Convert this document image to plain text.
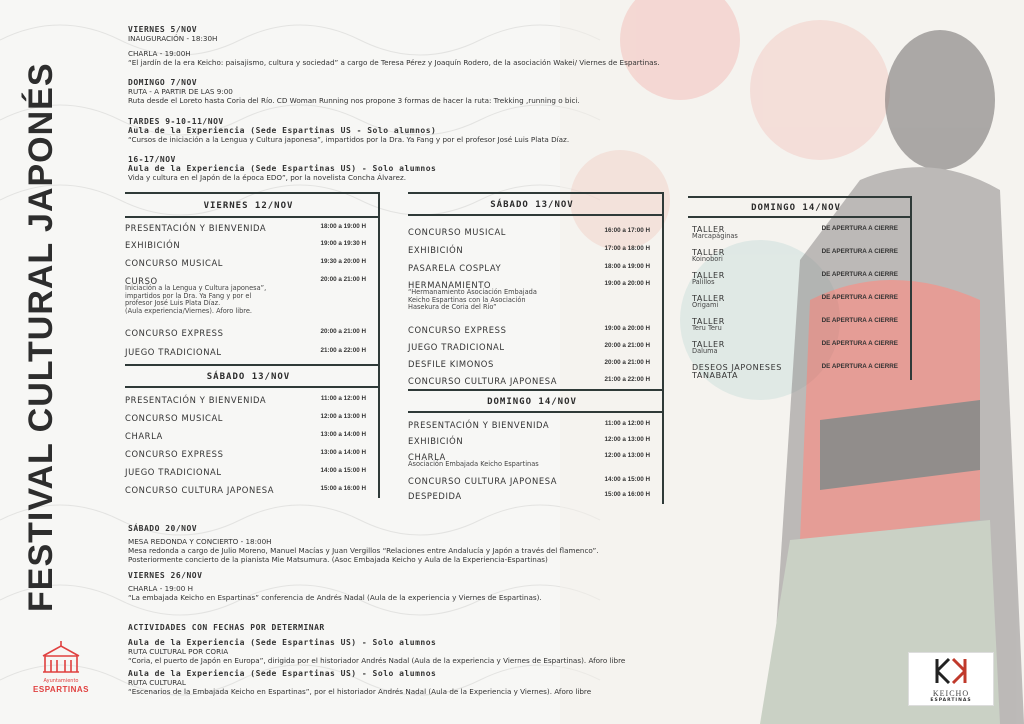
FESTIVAL CULTURAL JAPONÉS
VIERNES 5/NOV
INAUGURACIÓN - 18:30H
CHARLA - 19:00H
“El jardín de la era Keicho: paisajismo, cultura y sociedad” a cargo de Teresa Pérez y Joaquín Rodero, de la asociación Wakei/ Viernes de Espartinas.
DOMINGO 7/NOV
RUTA - A PARTIR DE LAS 9:00
Ruta desde el Loreto hasta Coria del Río. CD Woman Running nos propone 3 formas de hacer la ruta: Trekking ,running o bici.
TARDES 9-10-11/NOV
Aula de la Experiencia (Sede Espartinas US - Solo alumnos)
“Cursos de iniciación a la Lengua y Cultura japonesa”, impartidos por la Dra. Ya Fang y por el profesor José Luis Plata Díaz.
16-17/NOV
Aula de la Experiencia (Sede Espartinas US) - Solo alumnos
Vida y cultura en el Japón de la época EDO”, por la novelista Concha Álvarez.
VIERNES 12/NOV
PRESENTACIÓN Y BIENVENIDA	18:00 a 19:00 H
EXHIBICIÓN	19:00 a 19:30 H
CONCURSO MUSICAL	19:30 a 20:00 H
CURSO	20:00 a 21:00 H
Iniciación a la Lengua y Cultura japonesa”,
impartidos por la Dra. Ya Fang y por el
profesor José Luis Plata Díaz.
(Aula experiencia/Viernes). Aforo libre.
CONCURSO EXPRESS	20:00 a 21:00 H
JUEGO TRADICIONAL	21:00 a 22:00 H
SÁBADO 13/NOV
PRESENTACIÓN Y BIENVENIDA	11:00 a 12:00 H
CONCURSO MUSICAL	12:00 a 13:00 H
CHARLA	13:00 a 14:00 H
CONCURSO EXPRESS	13:00 a 14:00 H
JUEGO TRADICIONAL	14:00 a 15:00 H
CONCURSO CULTURA JAPONESA	15:00 a 16:00 H
SÁBADO 13/NOV
CONCURSO MUSICAL	16:00 a 17:00 H
EXHIBICIÓN	17:00 a 18:00 H
PASARELA COSPLAY	18:00 a 19:00 H
HERMANAMIENTO	19:00 a 20:00 H
“Hermanamiento Asociación Embajada
Keicho Espartinas con la Asociación
Hasekura de Coria del Río”
CONCURSO EXPRESS	19:00 a 20:00 H
JUEGO TRADICIONAL	20:00 a 21:00 H
DESFILE KIMONOS	20:00 a 21:00 H
CONCURSO CULTURA JAPONESA	21:00 a 22:00 H
DOMINGO 14/NOV
PRESENTACIÓN Y BIENVENIDA	11:00 a 12:00 H
EXHIBICIÓN	12:00 a 13:00 H
CHARLA	12:00 a 13:00 H
Asociación Embajada Keicho Espartinas
CONCURSO CULTURA JAPONESA	14:00 a 15:00 H
DESPEDIDA	15:00 a 16:00 H
DOMINGO 14/NOV
TALLER	DE APERTURA A CIERRE
Marcapáginas
TALLER	DE APERTURA A CIERRE
Koinobori
TALLER	DE APERTURA A CIERRE
Palillos
TALLER	DE APERTURA A CIERRE
Origami
TALLER	DE APERTURA A CIERRE
Teru Teru
TALLER	DE APERTURA A CIERRE
Daluma
DESEOS JAPONESES	DE APERTURA A CIERRE
TANABATA
SÁBADO 20/NOV
MESA REDONDA Y CONCIERTO - 18:00H
Mesa redonda a cargo de Julio Moreno, Manuel Macías y Juan Vergillos “Relaciones entre Andalucía y Japón a través del flamenco”.
Posteriormente concierto de la pianista Mie Matsumura. (Asoc Embajada Keicho y Aula de la Experiencia-Espartinas)
VIERNES 26/NOV
CHARLA - 19:00 H
“La embajada Keicho en Espartinas” conferencia de Andrés Nadal (Aula de la experiencia y Viernes de Espartinas).
ACTIVIDADES CON FECHAS POR DETERMINAR
Aula de la Experiencia (Sede Espartinas US) - Solo alumnos
RUTA CULTURAL POR CORIA
“Coria, el puerto de Japón en Europa”, dirigida por el historiador Andrés Nadal (Aula de la experiencia y Viernes de Espartinas). Aforo libre
Aula de la Experiencia (Sede Espartinas US) - Solo alumnos
RUTA CULTURAL
“Escenarios de la Embajada Keicho en Espartinas”, por el historiador Andrés Nadal (Aula de la Experiencia y Viernes). Aforo libre
Ayuntamiento
ESPARTINAS	KEICHO
ESPARTINAS
